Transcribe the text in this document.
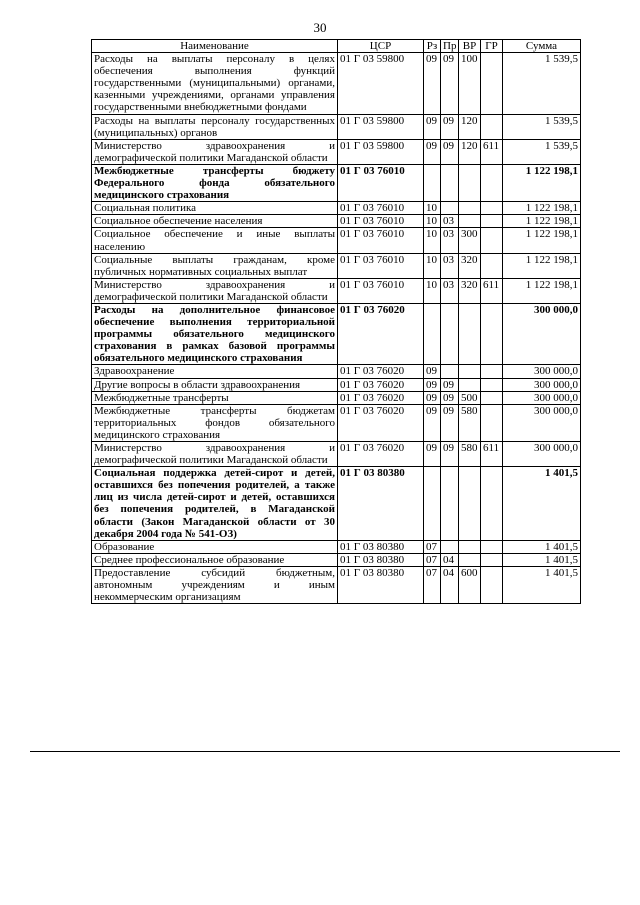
30
Наименование	ЦСР	Рз	Пр	ВР	ГР	Сумма
Расходы на выплаты персоналу в целях обеспечения выполнения функций государственными (муниципальными) органами, казенными учреждениями, органами управления государственными внебюджетными фондами	01 Г 03 59800	09	09	100		1 539,5
Расходы на выплаты персоналу государственных (муниципальных) органов	01 Г 03 59800	09	09	120		1 539,5
Министерство здравоохранения и демографической политики Магаданской области	01 Г 03 59800	09	09	120	611	1 539,5
Межбюджетные трансферты бюджету Федерального фонда обязательного медицинского страхования	01 Г 03 76010					1 122 198,1
Социальная политика	01 Г 03 76010	10				1 122 198,1
Социальное обеспечение населения	01 Г 03 76010	10	03			1 122 198,1
Социальное обеспечение и иные выплаты населению	01 Г 03 76010	10	03	300		1 122 198,1
Социальные выплаты гражданам, кроме публичных нормативных социальных выплат	01 Г 03 76010	10	03	320		1 122 198,1
Министерство здравоохранения и демографической политики Магаданской области	01 Г 03 76010	10	03	320	611	1 122 198,1
Расходы на дополнительное финансовое обеспечение выполнения территориальной программы обязательного медицинского страхования в рамках базовой программы обязательного медицинского страхования	01 Г 03 76020					300 000,0
Здравоохранение	01 Г 03 76020	09				300 000,0
Другие вопросы в области здравоохранения	01 Г 03 76020	09	09			300 000,0
Межбюджетные трансферты	01 Г 03 76020	09	09	500		300 000,0
Межбюджетные трансферты бюджетам территориальных фондов обязательного медицинского страхования	01 Г 03 76020	09	09	580		300 000,0
Министерство здравоохранения и демографической политики Магаданской области	01 Г 03 76020	09	09	580	611	300 000,0
Социальная поддержка детей-сирот и детей, оставшихся без попечения родителей, а также лиц из числа детей-сирот и детей, оставшихся без попечения родителей, в Магаданской области (Закон Магаданской области от 30 декабря 2004 года № 541-ОЗ)	01 Г 03 80380					1 401,5
Образование	01 Г 03 80380	07				1 401,5
Среднее профессиональное образование	01 Г 03 80380	07	04			1 401,5
Предоставление субсидий бюджетным, автономным учреждениям и иным некоммерческим организациям	01 Г 03 80380	07	04	600		1 401,5
